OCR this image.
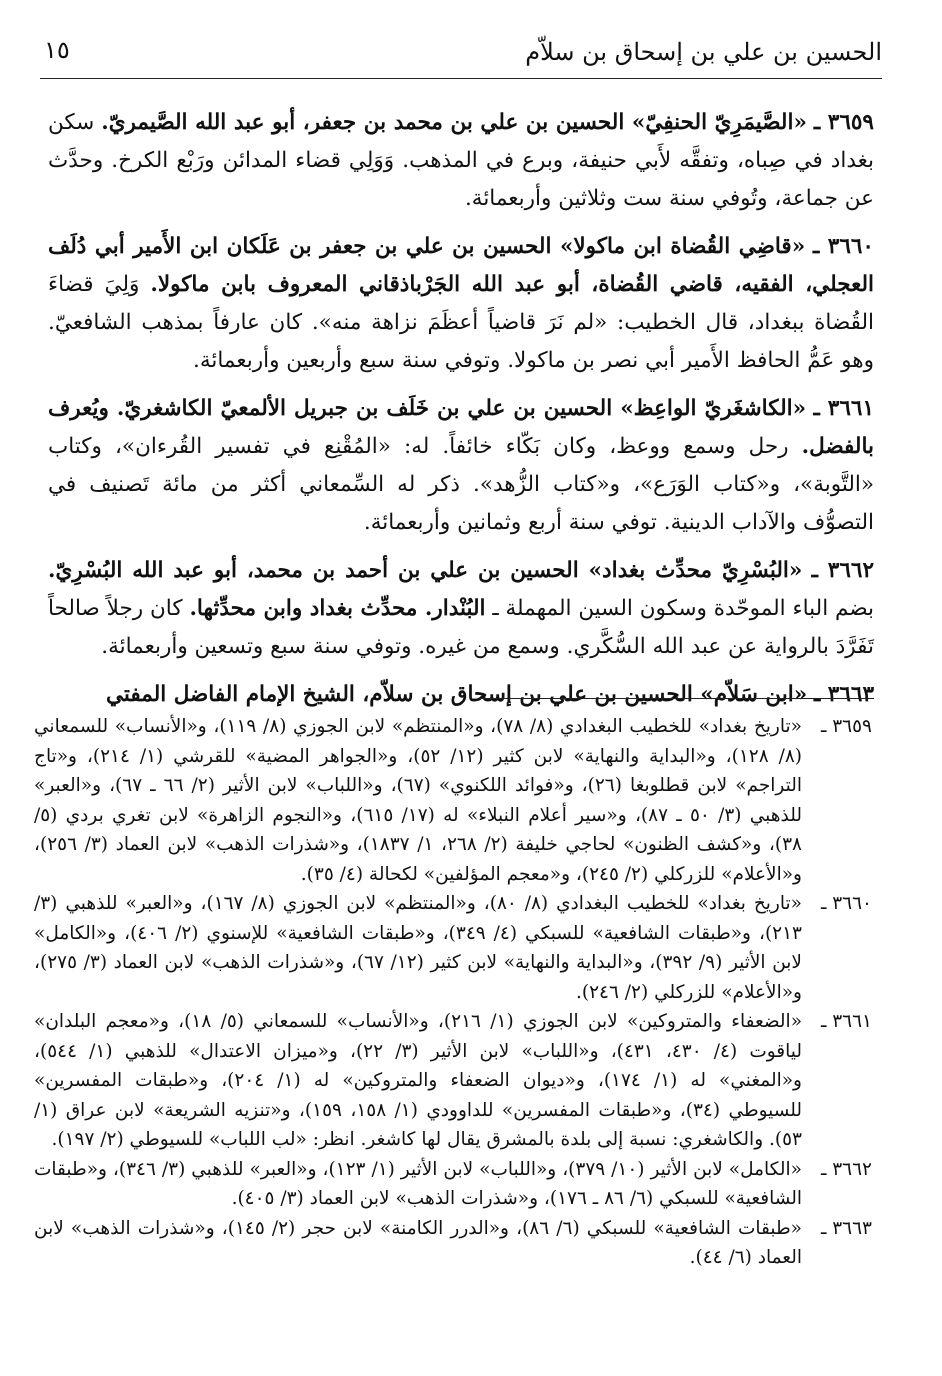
الحسين بن علي بن إسحاق بن سلاّم
١٥

٣٦٥٩ ـ «الصَّيمَرِيّ الحنفِيّ» الحسين بن علي بن محمد بن جعفر، أبو عبد الله الصَّيمريّ. سكن بغداد في صِباه، وتفقَّه لأَبي حنيفة، وبرع في المذهب. وَوَلِي قضاء المدائن ورَبْع الكرخ. وحدَّث عن جماعة، وتُوفي سنة ست وثلاثين وأربعمائة.

٣٦٦٠ ـ «قاضِي القُضاة ابن ماكولا» الحسين بن علي بن جعفر بن عَلَكان ابن الأَمير أبي دُلَف العجلي، الفقيه، قاضي القُضاة، أبو عبد الله الجَرْباذقاني المعروف بابن ماكولا. وَلِيَ قضاءَ القُضاة ببغداد، قال الخطيب: «لم نَرَ قاضياً أعظَمَ نزاهة منه». كان عارفاً بمذهب الشافعيّ. وهو عَمُّ الحافظ الأَمير أبي نصر بن ماكولا. وتوفي سنة سبع وأربعين وأربعمائة.

٣٦٦١ ـ «الكاشغَريّ الواعِظ» الحسين بن علي بن خَلَف بن جبريل الألمعيّ الكاشغريّ. ويُعرف بالفضل. رحل وسمع ووعظ، وكان بَكّاء خائفاً. له: «المُقْنِع في تفسير القُرءان»، وكتاب «التَّوبة»، و«كتاب الوَرَع»، و«كتاب الزُّهد». ذكر له السِّمعاني أكثر من مائة تَصنيف في التصوُّف والآداب الدينية. توفي سنة أربع وثمانين وأربعمائة.

٣٦٦٢ ـ «البُسْرِيّ محدِّث بغداد» الحسين بن علي بن أحمد بن محمد، أبو عبد الله البُسْرِيّ. بضم الباء الموحّدة وسكون السين المهملة ـ البُنْدار. محدِّث بغداد وابن محدِّثها. كان رجلاً صالحاً تَفَرَّدَ بالرواية عن عبد الله السُّكَّري. وسمع من غيره. وتوفي سنة سبع وتسعين وأربعمائة.

٣٦٦٣ ـ «ابن سَلاّم» الحسين بن علي بن إسحاق بن سلاّم، الشيخ الإمام الفاضل المفتي

٣٦٥٩ ـ
«تاريخ بغداد» للخطيب البغدادي (٨/ ٧٨)، و«المنتظم» لابن الجوزي (٨/ ١١٩)، و«الأنساب» للسمعاني (٨/ ١٢٨)، و«البداية والنهاية» لابن كثير (١٢/ ٥٢)، و«الجواهر المضية» للقرشي (١/ ٢١٤)، و«تاج التراجم» لابن قطلوبغا (٢٦)، و«فوائد اللكنوي» (٦٧)، و«اللباب» لابن الأثير (٢/ ٦٦ ـ ٦٧)، و«العبر» للذهبي (٣/ ٥٠ ـ ٨٧)، و«سير أعلام النبلاء» له (١٧/ ٦١٥)، و«النجوم الزاهرة» لابن تغري بردي (٥/ ٣٨)، و«كشف الظنون» لحاجي خليفة (٢/ ٢٦٨، ١/ ١٨٣٧)، و«شذرات الذهب» لابن العماد (٣/ ٢٥٦)، و«الأعلام» للزركلي (٢/ ٢٤٥)، و«معجم المؤلفين» لكحالة (٤/ ٣٥).
٣٦٦٠ ـ
«تاريخ بغداد» للخطيب البغدادي (٨/ ٨٠)، و«المنتظم» لابن الجوزي (٨/ ١٦٧)، و«العبر» للذهبي (٣/ ٢١٣)، و«طبقات الشافعية» للسبكي (٤/ ٣٤٩)، و«طبقات الشافعية» للإسنوي (٢/ ٤٠٦)، و«الكامل» لابن الأثير (٩/ ٣٩٢)، و«البداية والنهاية» لابن كثير (١٢/ ٦٧)، و«شذرات الذهب» لابن العماد (٣/ ٢٧٥)، و«الأعلام» للزركلي (٢/ ٢٤٦).
٣٦٦١ ـ
«الضعفاء والمتروكين» لابن الجوزي (١/ ٢١٦)، و«الأنساب» للسمعاني (٥/ ١٨)، و«معجم البلدان» لياقوت (٤/ ٤٣٠، ٤٣١)، و«اللباب» لابن الأثير (٣/ ٢٢)، و«ميزان الاعتدال» للذهبي (١/ ٥٤٤)، و«المغني» له (١/ ١٧٤)، و«ديوان الضعفاء والمتروكين» له (١/ ٢٠٤)، و«طبقات المفسرين» للسيوطي (٣٤)، و«طبقات المفسرين» للداوودي (١/ ١٥٨، ١٥٩)، و«تنزيه الشريعة» لابن عراق (١/ ٥٣). والكاشغري: نسبة إلى بلدة بالمشرق يقال لها كاشغر. انظر: «لب اللباب» للسيوطي (٢/ ١٩٧).
٣٦٦٢ ـ
«الكامل» لابن الأثير (١٠/ ٣٧٩)، و«اللباب» لابن الأثير (١/ ١٢٣)، و«العبر» للذهبي (٣/ ٣٤٦)، و«طبقات الشافعية» للسبكي (٦/ ٨٦ ـ ١٧٦)، و«شذرات الذهب» لابن العماد (٣/ ٤٠٥).
٣٦٦٣ ـ
«طبقات الشافعية» للسبكي (٦/ ٨٦)، و«الدرر الكامنة» لابن حجر (٢/ ١٤٥)، و«شذرات الذهب» لابن العماد (٦/ ٤٤).
